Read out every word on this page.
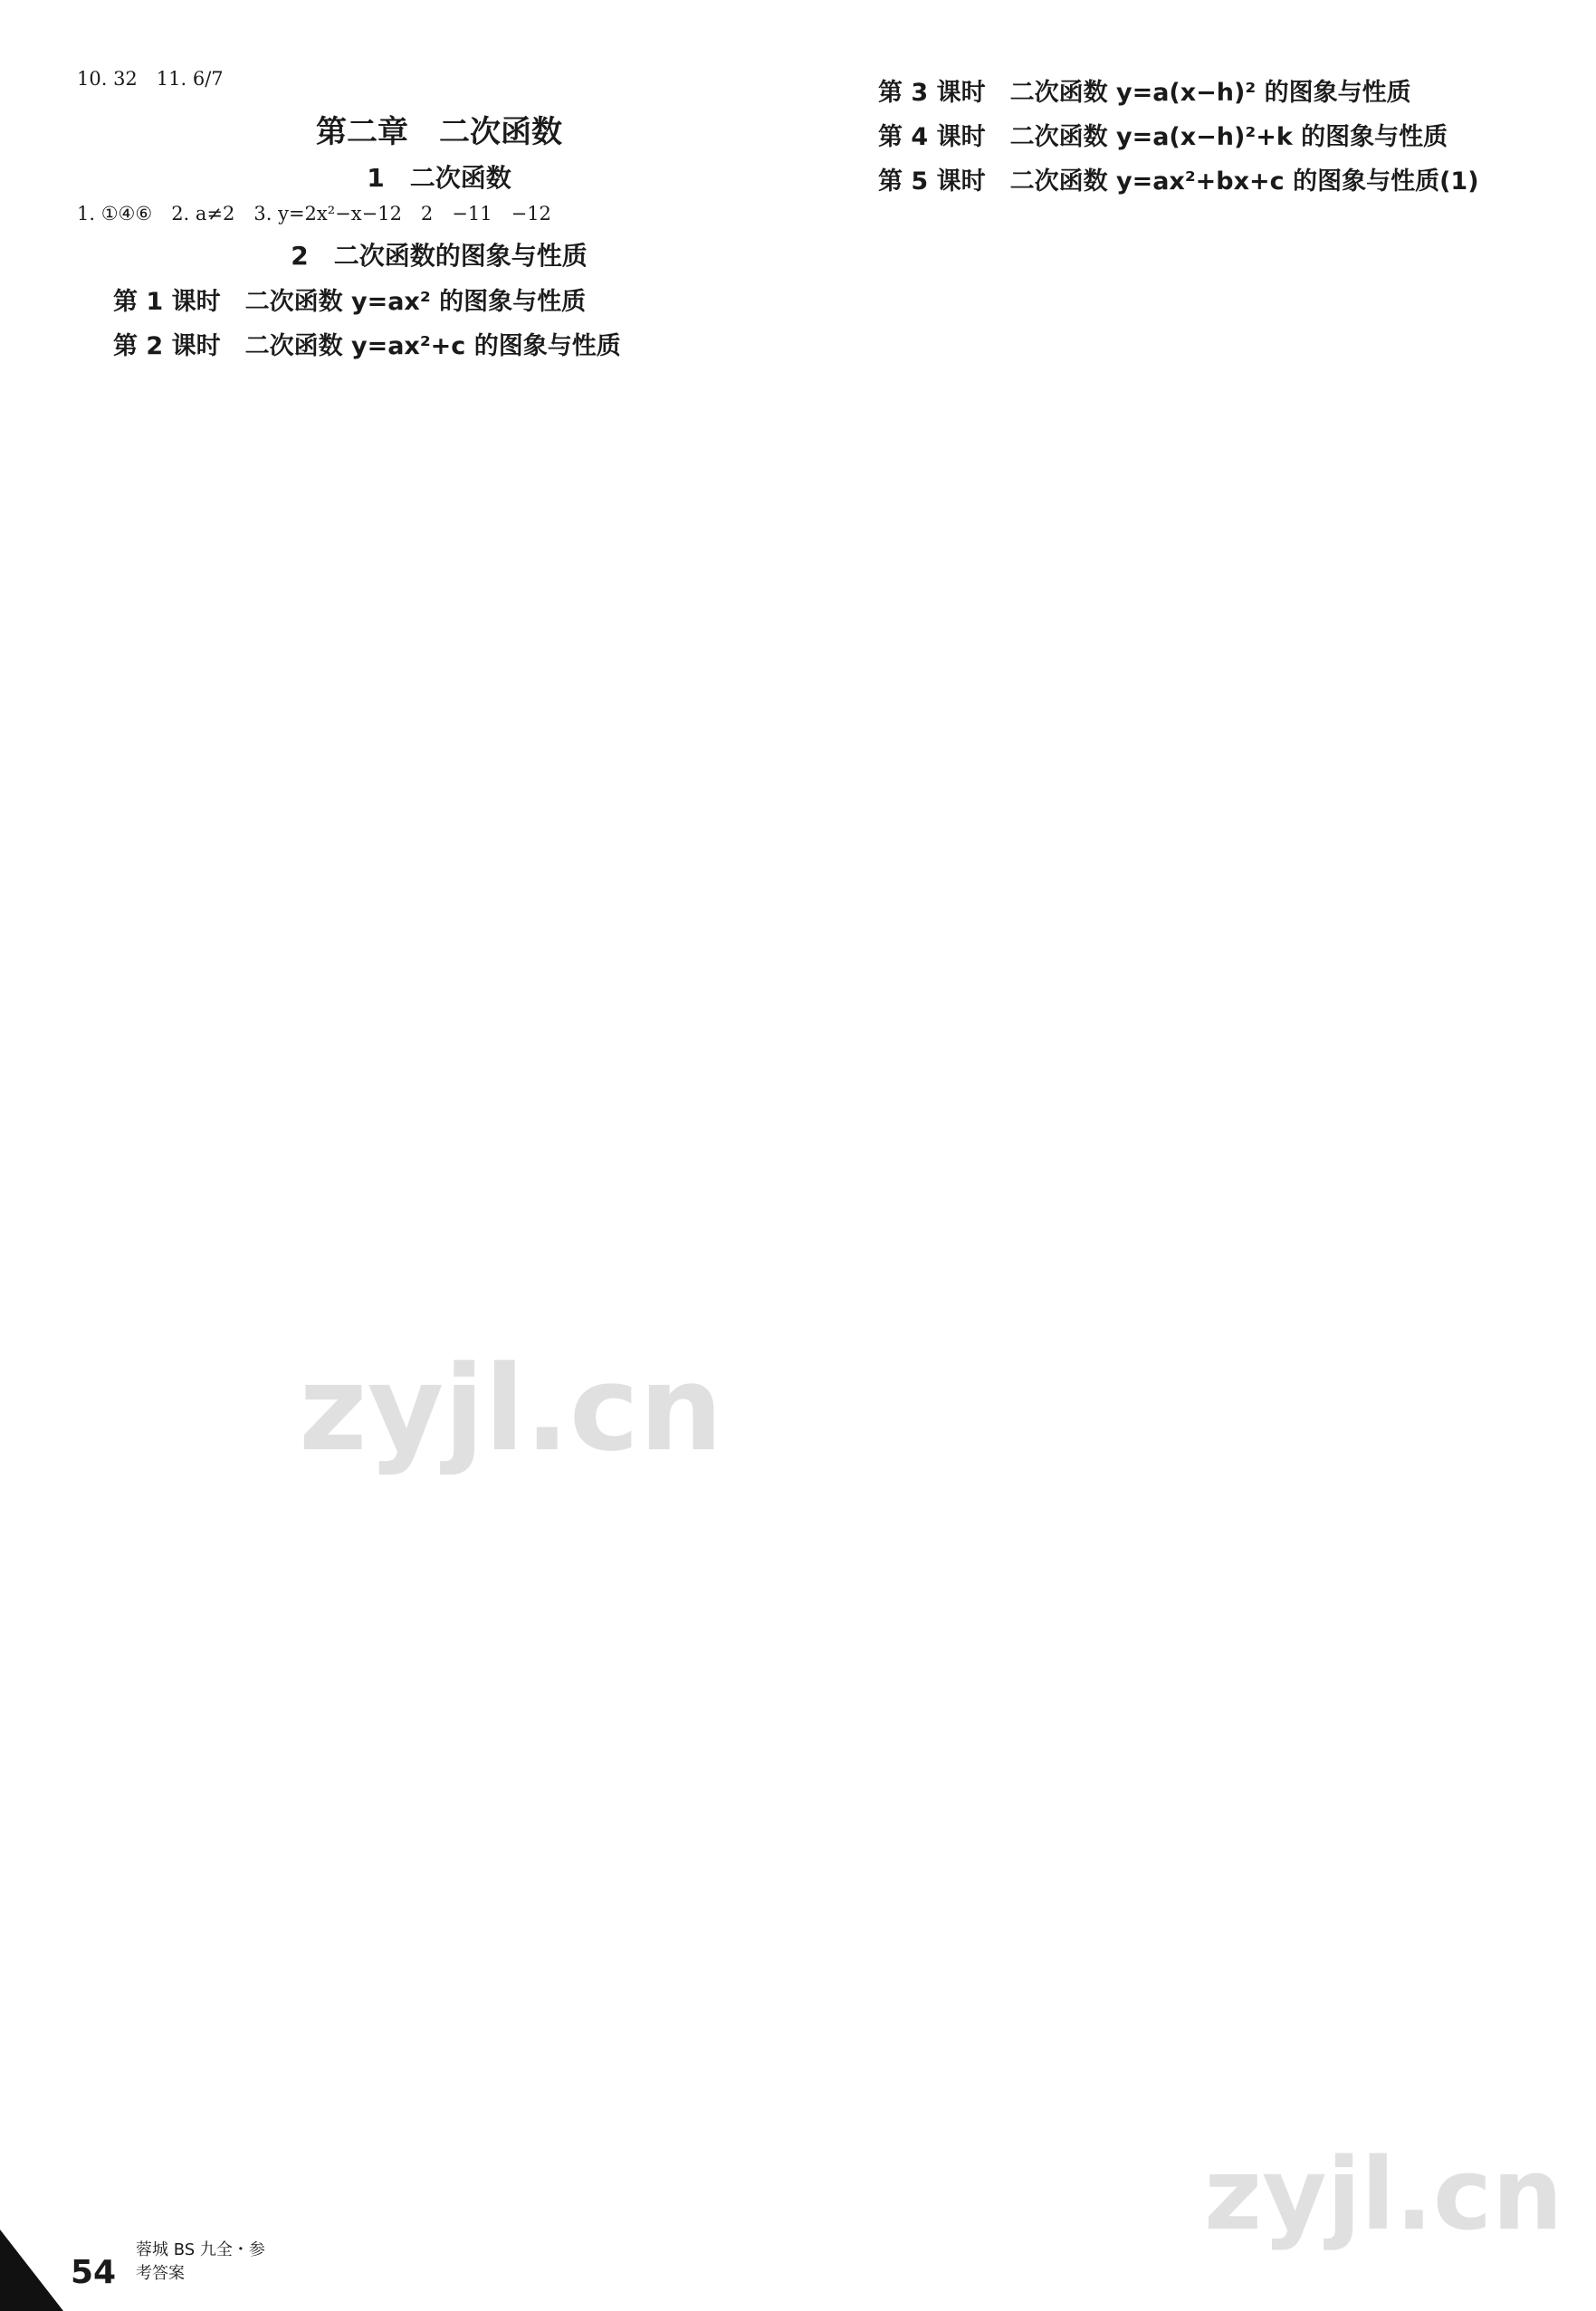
10. 32　11. 6/7
第二章　二次函数
1　二次函数
1. ①④⑥　2. a≠2　3. y=2x²−x−12　2　−11　−12
2　二次函数的图象与性质
第 1 课时　二次函数 y=ax² 的图象与性质
第 2 课时　二次函数 y=ax²+c 的图象与性质
第 3 课时　二次函数 y=a(x−h)² 的图象与性质
第 4 课时　二次函数 y=a(x−h)²+k 的图象与性质
第 5 课时　二次函数 y=ax²+bx+c 的图象与性质(1)
zyjl.cn
zyjl.cn
54
蓉城 BS 九全・参考答案
